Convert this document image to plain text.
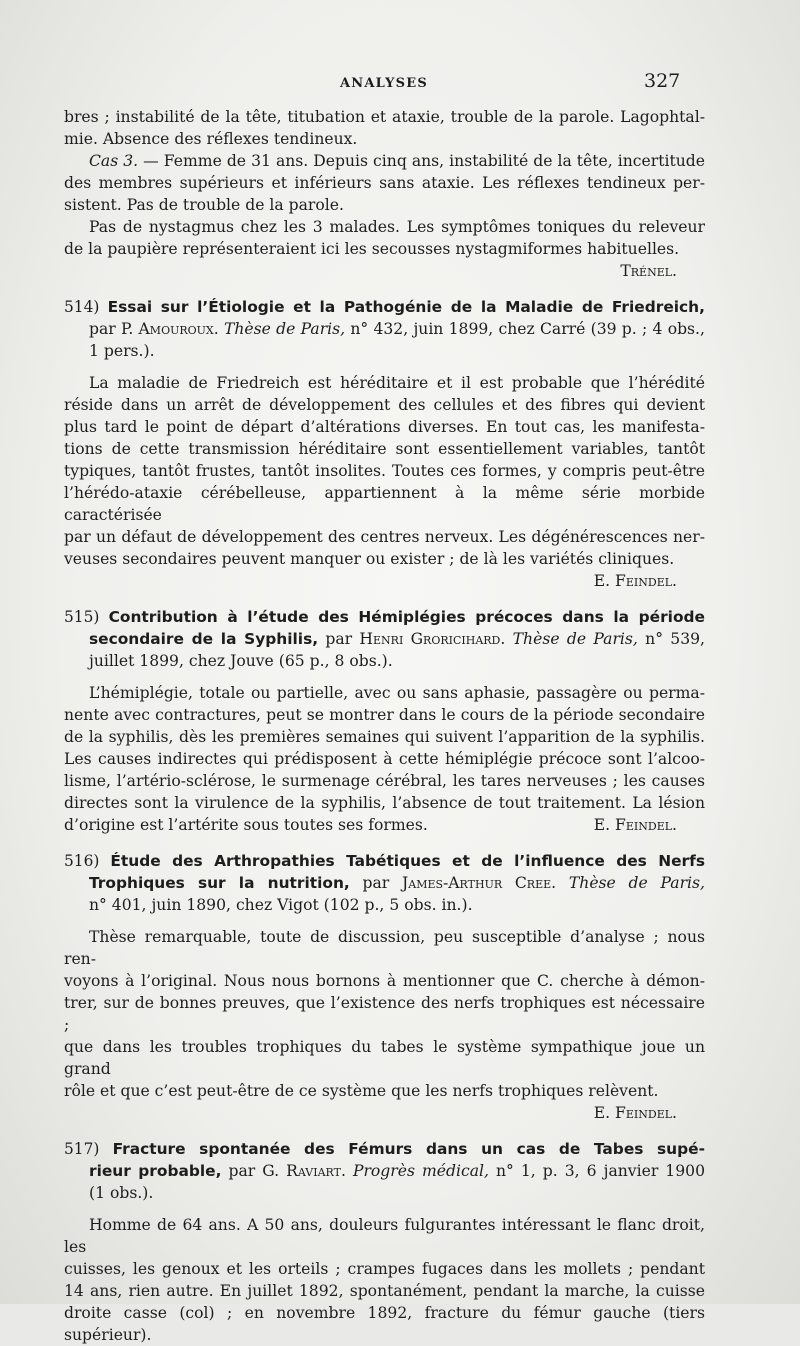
ANALYSES	327
bres ; instabilité de la tête, titubation et ataxie, trouble de la parole. Lagophtal-
mie. Absence des réflexes tendineux.
Cas 3. — Femme de 31 ans. Depuis cinq ans, instabilité de la tête, incertitude
des membres supérieurs et inférieurs sans ataxie. Les réflexes tendineux per-
sistent. Pas de trouble de la parole.
Pas de nystagmus chez les 3 malades. Les symptômes toniques du releveur
de la paupière représenteraient ici les secousses nystagmiformes habituelles.
Trénel.
514) Essai sur l’Étiologie et la Pathogénie de la Maladie de Friedreich,
par P. Amouroux. Thèse de Paris, n° 432, juin 1899, chez Carré (39 p. ; 4 obs.,
1 pers.).
La maladie de Friedreich est héréditaire et il est probable que l’hérédité
réside dans un arrêt de développement des cellules et des fibres qui devient
plus tard le point de départ d’altérations diverses. En tout cas, les manifesta-
tions de cette transmission héréditaire sont essentiellement variables, tantôt
typiques, tantôt frustes, tantôt insolites. Toutes ces formes, y compris peut-être
l’hérédo-ataxie cérébelleuse, appartiennent à la même série morbide caractérisée
par un défaut de développement des centres nerveux. Les dégénérescences ner-
veuses secondaires peuvent manquer ou exister ; de là les variétés cliniques.
E. Feindel.
515) Contribution à l’étude des Hémiplégies précoces dans la période
secondaire de la Syphilis, par Henri Groricihard. Thèse de Paris, n° 539,
juillet 1899, chez Jouve (65 p., 8 obs.).
L’hémiplégie, totale ou partielle, avec ou sans aphasie, passagère ou perma-
nente avec contractures, peut se montrer dans le cours de la période secondaire
de la syphilis, dès les premières semaines qui suivent l’apparition de la syphilis.
Les causes indirectes qui prédisposent à cette hémiplégie précoce sont l’alcoo-
lisme, l’artério-sclérose, le surmenage cérébral, les tares nerveuses ; les causes
directes sont la virulence de la syphilis, l’absence de tout traitement. La lésion
d’origine est l’artérite sous toutes ses formes.	E. Feindel.
516) Étude des Arthropathies Tabétiques et de l’influence des Nerfs
Trophiques sur la nutrition, par James-Arthur Cree. Thèse de Paris,
n° 401, juin 1890, chez Vigot (102 p., 5 obs. in.).
Thèse remarquable, toute de discussion, peu susceptible d’analyse ; nous ren-
voyons à l’original. Nous nous bornons à mentionner que C. cherche à démon-
trer, sur de bonnes preuves, que l’existence des nerfs trophiques est nécessaire ;
que dans les troubles trophiques du tabes le système sympathique joue un grand
rôle et que c’est peut-être de ce système que les nerfs trophiques relèvent.
E. Feindel.
517) Fracture spontanée des Fémurs dans un cas de Tabes supé-
rieur probable, par G. Raviart. Progrès médical, n° 1, p. 3, 6 janvier 1900
(1 obs.).
Homme de 64 ans. A 50 ans, douleurs fulgurantes intéressant le flanc droit, les
cuisses, les genoux et les orteils ; crampes fugaces dans les mollets ; pendant
14 ans, rien autre. En juillet 1892, spontanément, pendant la marche, la cuisse
droite casse (col) ; en novembre 1892, fracture du fémur gauche (tiers supérieur).
